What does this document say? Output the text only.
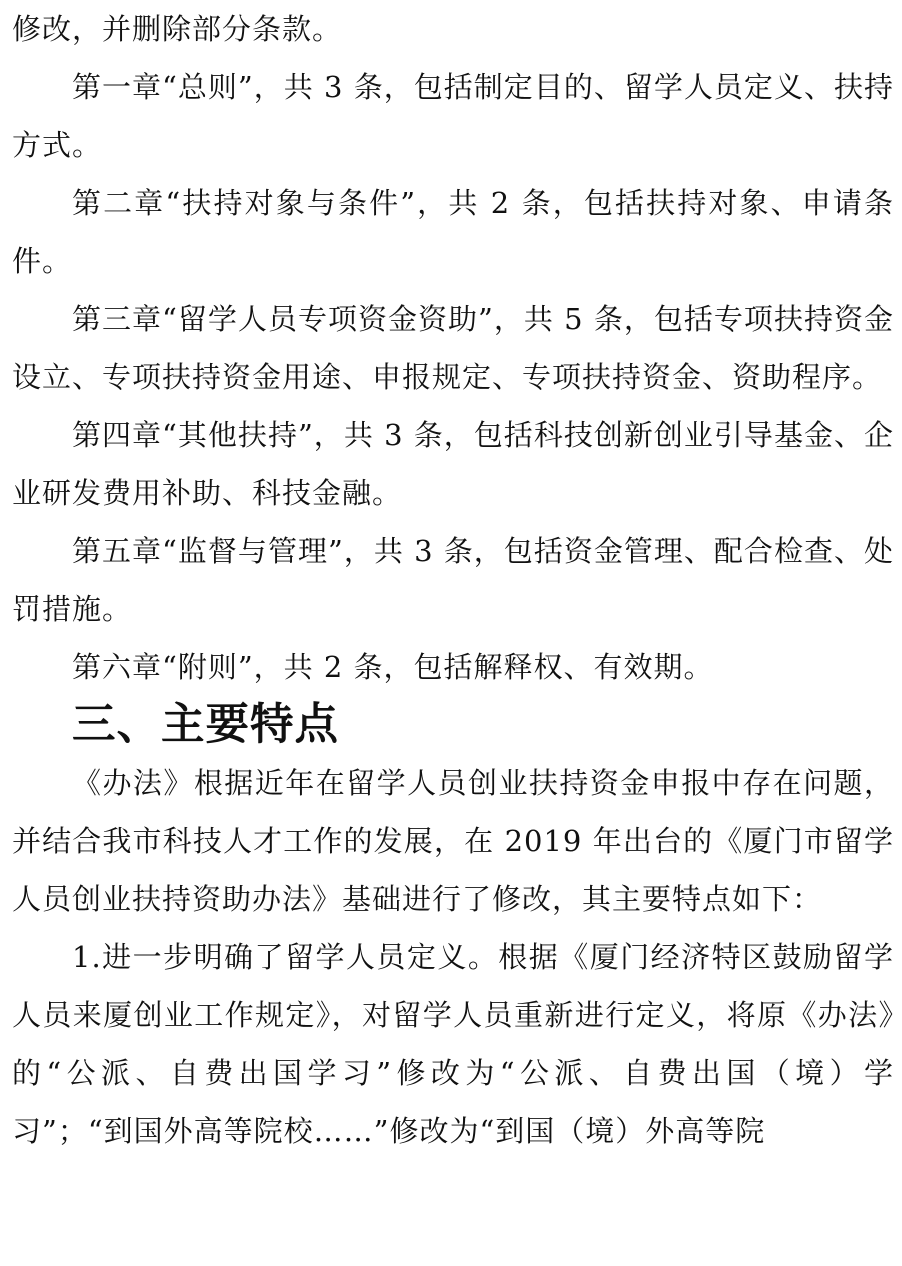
修改，并删除部分条款。

第一章“总则”，共 3 条，包括制定目的、留学人员定义、扶持方式。

第二章“扶持对象与条件”，共 2 条，包括扶持对象、申请条件。

第三章“留学人员专项资金资助”，共 5 条，包括专项扶持资金设立、专项扶持资金用途、申报规定、专项扶持资金、资助程序。

第四章“其他扶持”，共 3 条，包括科技创新创业引导基金、企业研发费用补助、科技金融。

第五章“监督与管理”，共 3 条，包括资金管理、配合检查、处罚措施。

第六章“附则”，共 2 条，包括解释权、有效期。

三、主要特点

《办法》根据近年在留学人员创业扶持资金申报中存在问题，并结合我市科技人才工作的发展，在 2019 年出台的《厦门市留学人员创业扶持资助办法》基础进行了修改，其主要特点如下：

1.进一步明确了留学人员定义。根据《厦门经济特区鼓励留学人员来厦创业工作规定》，对留学人员重新进行定义，将原《办法》的“公派、自费出国学习”修改为“公派、自费出国（境）学习”；“到国外高等院校……”修改为“到国（境）外高等院
